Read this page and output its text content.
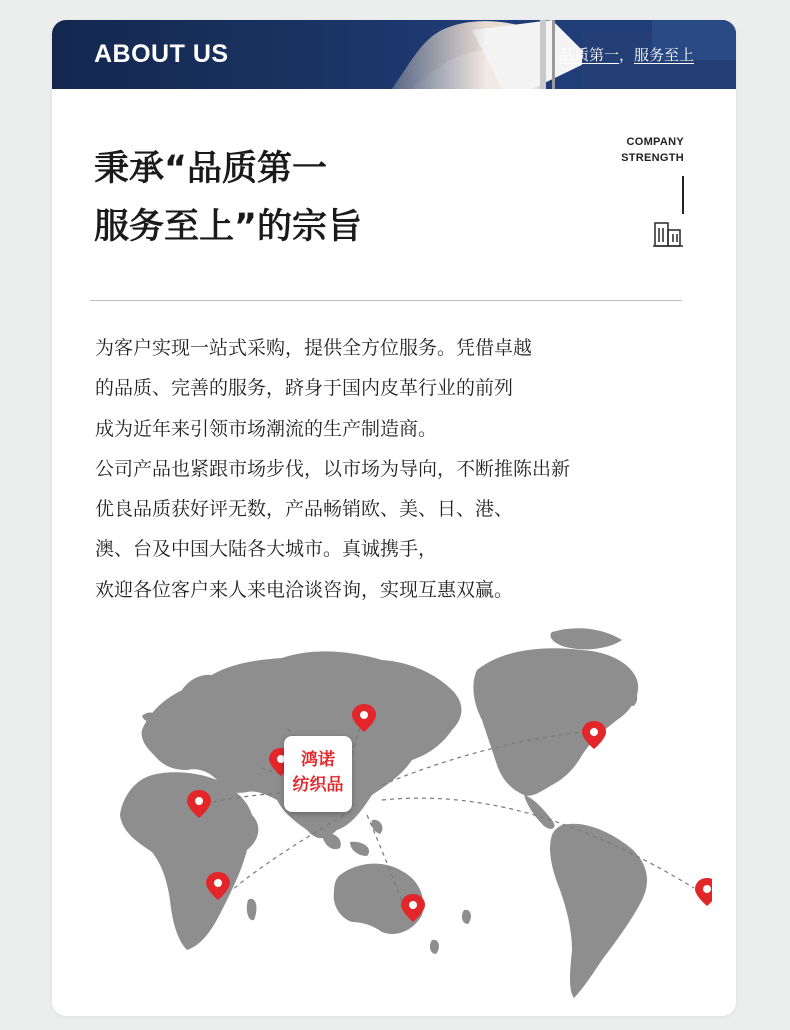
ABOUT US	品质第一，服务至上
秉承“品质第一
服务至上”的宗旨
COMPANY
STRENGTH
为客户实现一站式采购，提供全方位服务。凭借卓越
的品质、完善的服务，跻身于国内皮革行业的前列
成为近年来引领市场潮流的生产制造商。
公司产品也紧跟市场步伐，以市场为导向，不断推陈出新
优良品质获好评无数，产品畅销欧、美、日、港、
澳、台及中国大陆各大城市。真诚携手，
欢迎各位客户来人来电洽谈咨询，实现互惠双赢。
鸿诺
纺织品
